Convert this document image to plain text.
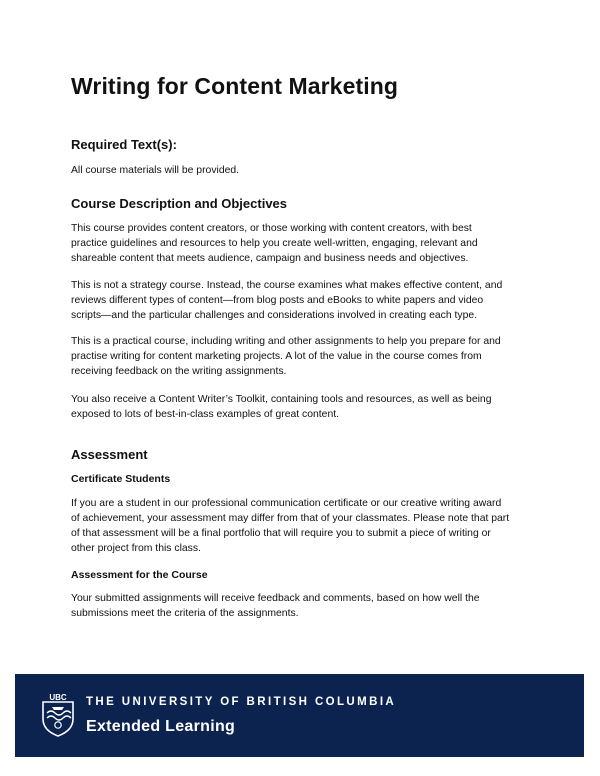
Writing for Content Marketing
Required Text(s):
All course materials will be provided.
Course Description and Objectives
This course provides content creators, or those working with content creators, with best
practice guidelines and resources to help you create well-written, engaging, relevant and
shareable content that meets audience, campaign and business needs and objectives.
This is not a strategy course. Instead, the course examines what makes effective content, and
reviews different types of content—from blog posts and eBooks to white papers and video
scripts—and the particular challenges and considerations involved in creating each type.
This is a practical course, including writing and other assignments to help you prepare for and
practise writing for content marketing projects. A lot of the value in the course comes from
receiving feedback on the writing assignments.
You also receive a Content Writer’s Toolkit, containing tools and resources, as well as being
exposed to lots of best-in-class examples of great content.
Assessment
Certificate Students
If you are a student in our professional communication certificate or our creative writing award
of achievement, your assessment may differ from that of your classmates. Please note that part
of that assessment will be a final portfolio that will require you to submit a piece of writing or
other project from this class.
Assessment for the Course
Your submitted assignments will receive feedback and comments, based on how well the
submissions meet the criteria of the assignments.
UBC THE UNIVERSITY OF BRITISH COLUMBIA
Extended Learning
